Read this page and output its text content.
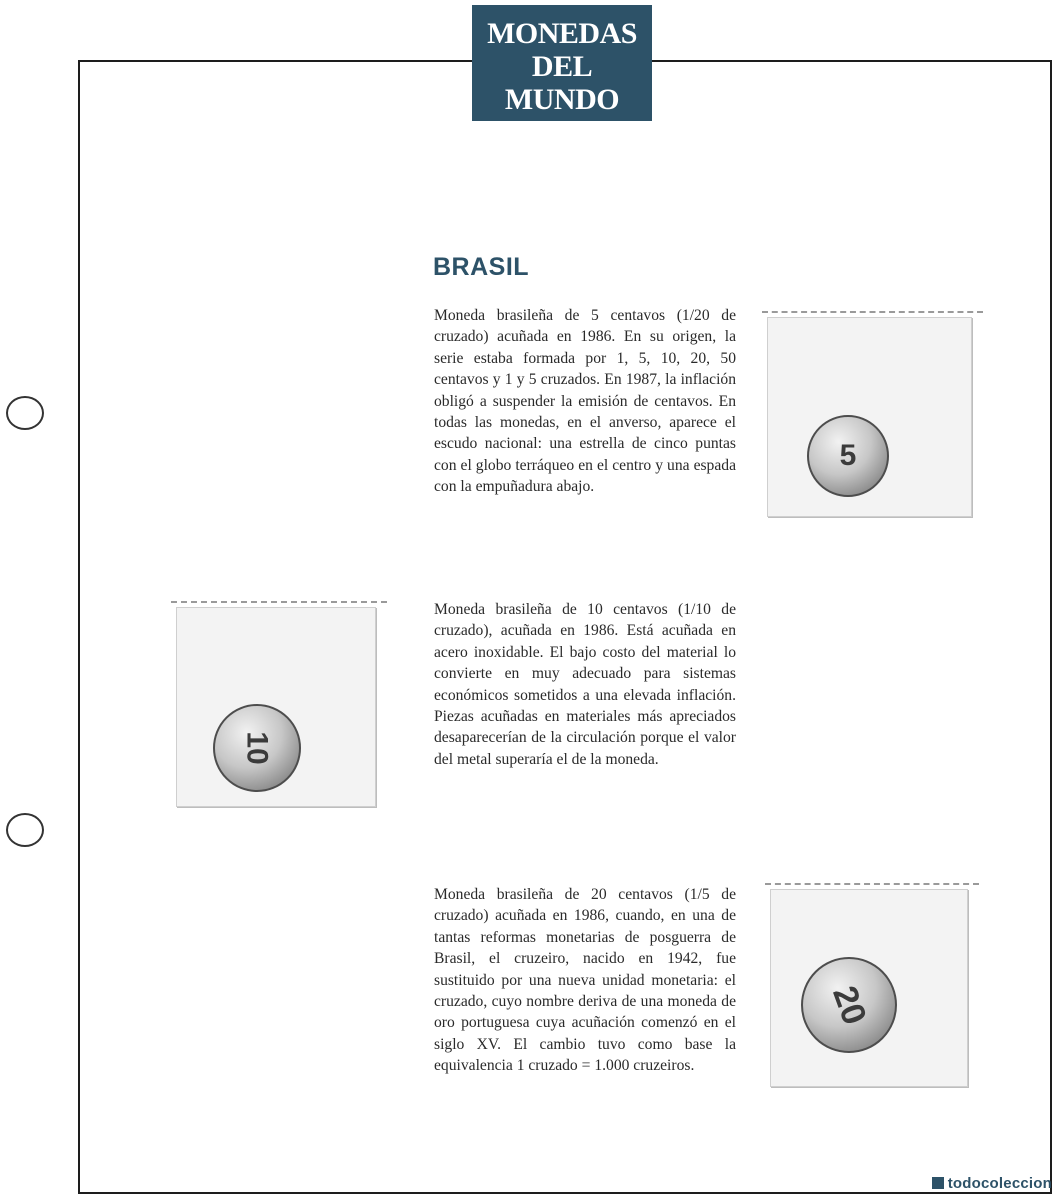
MONEDAS
DEL
MUNDO
BRASIL

Moneda brasileña de 5 centavos (1/20 de cruzado) acuñada en 1986. En su origen, la serie estaba formada por 1, 5, 10, 20, 50 centavos y 1 y 5 cruzados. En 1987, la inflación obligó a suspender la emisión de centavos. En todas las monedas, en el anverso, aparece el escudo nacional: una estrella de cinco puntas con el globo terráqueo en el centro y una espada con la empuñadura abajo.

5
10

Moneda brasileña de 10 centavos (1/10 de cruzado), acuñada en 1986. Está acuñada en acero inoxidable. El bajo costo del material lo convierte en muy adecuado para sistemas económicos sometidos a una elevada inflación. Piezas acuñadas en materiales más apreciados desaparecerían de la circulación porque el valor del metal superaría el de la moneda.

Moneda brasileña de 20 centavos (1/5 de cruzado) acuñada en 1986, cuando, en una de tantas reformas monetarias de posguerra de Brasil, el cruzeiro, nacido en 1942, fue sustituido por una nueva unidad monetaria: el cruzado, cuyo nombre deriva de una moneda de oro portuguesa cuya acuñación comenzó en el siglo XV. El cambio tuvo como base la equivalencia 1 cruzado = 1.000 cruzeiros.

20
todocoleccion
